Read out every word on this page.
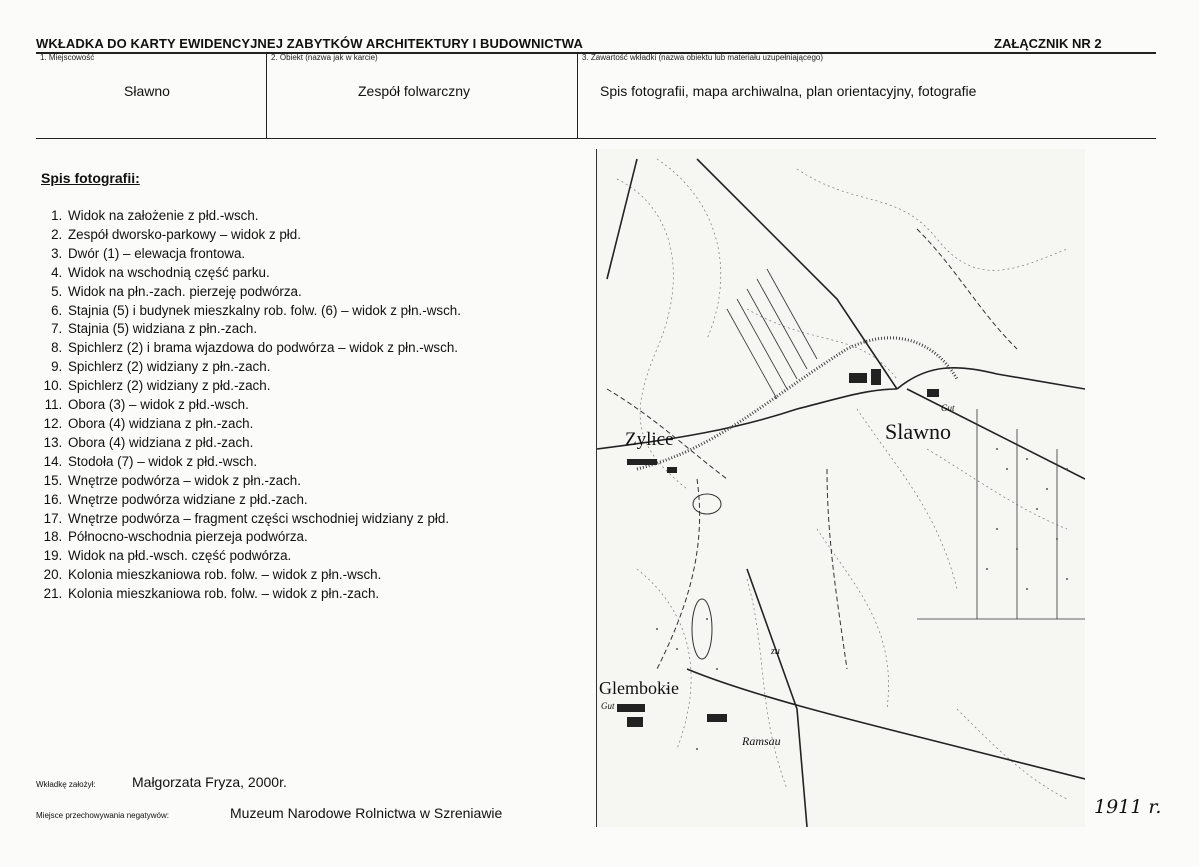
WKŁADKA DO KARTY EWIDENCYJNEJ ZABYTKÓW ARCHITEKTURY I BUDOWNICTWA	ZAŁĄCZNIK NR 2
1. Miejscowość	2. Obiekt (nazwa jak w karcie)	3. Zawartość wkładki (nazwa obiektu lub materiału uzupełniającego)
Sławno	Zespół folwarczny	Spis fotografii, mapa archiwalna, plan orientacyjny, fotografie
Spis fotografii:
1. Widok na założenie z płd.-wsch.
2. Zespół dworsko-parkowy – widok z płd.
3. Dwór (1) – elewacja frontowa.
4. Widok na wschodnią część parku.
5. Widok na płn.-zach. pierzeję podwórza.
6. Stajnia (5) i budynek mieszkalny rob. folw. (6) – widok z płn.-wsch.
7. Stajnia (5) widziana z płn.-zach.
8. Spichlerz (2) i brama wjazdowa do podwórza – widok z płn.-wsch.
9. Spichlerz (2) widziany z płn.-zach.
10. Spichlerz (2) widziany z płd.-zach.
11. Obora (3) – widok z płd.-wsch.
12. Obora (4) widziana z płn.-zach.
13. Obora (4) widziana z płd.-zach.
14. Stodoła (7) – widok z płd.-wsch.
15. Wnętrze podwórza – widok z płn.-zach.
16. Wnętrze podwórza widziane z płd.-zach.
17. Wnętrze podwórza – fragment części wschodniej widziany z płd.
18. Północno-wschodnia pierzeja podwórza.
19. Widok na płd.-wsch. część podwórza.
20. Kolonia mieszkaniowa rob. folw. – widok z płn.-wsch.
21. Kolonia mieszkaniowa rob. folw. – widok z płn.-zach.
Wkładkę założył:	Małgorzata Fryza, 2000r.
Miejsce przechowywania negatywów:	Muzeum Narodowe Rolnictwa w Szreniawie
Zylice	Slawno
Gut
Glembokie
Gut
Ramsau
zu
1911 r.
